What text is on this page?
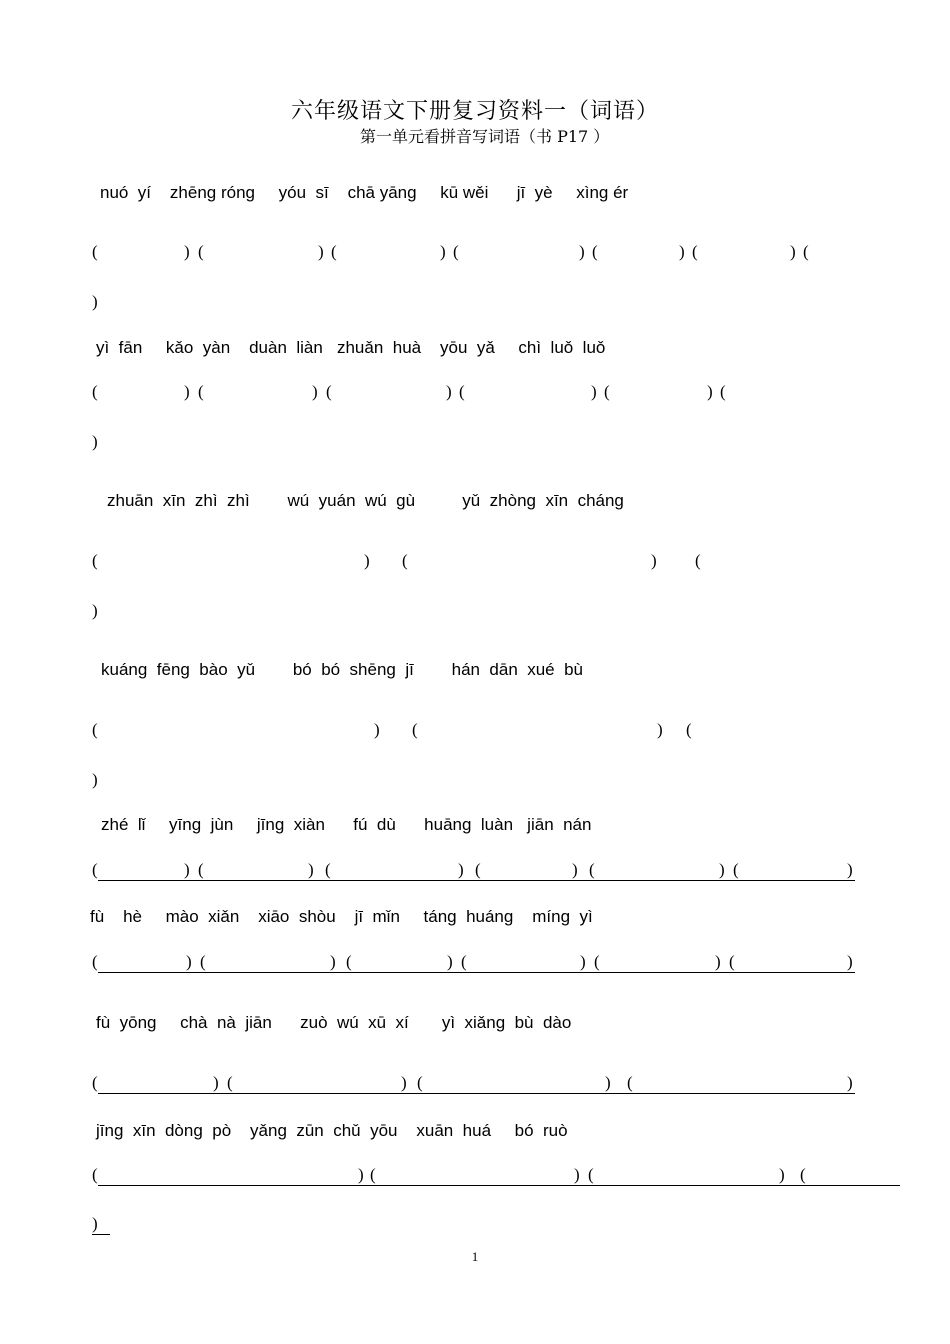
六年级语文下册复习资料一（词语）
第一单元看拼音写词语（书 P17 ）
nuó  yí    zhēnɡ rónɡ     yóu  sī    chā yānɡ     kū wěi      jī  yè     xìnɡ ér
(	) (	) (	) (	) (	) (	) (
)
yì  fān     kǎo  yàn    duàn  liàn   zhuǎn  huà    yōu  yǎ     chì  luǒ  luǒ
(	) (	) (	) (	) (	) (
)
zhuān  xīn  zhì  zhì        wú  yuán  wú  ɡù          yǔ  zhònɡ  xīn  chánɡ
(	) (	) (
)
kuánɡ  fēnɡ  bào  yǔ        bó  bó  shēnɡ  jī        hán  dān  xué  bù
(	) (	) (
)
zhé  lǐ     yīnɡ  jùn     jīnɡ  xiàn      fú  dù      huānɡ  luàn   jiān  nán
(	) (	) (	) (	) (	) (	)
fù    hè     mào  xiǎn    xiāo  shòu    jī  mǐn     tánɡ  huánɡ    mínɡ  yì
(	) (	) (	) (	) (	) (	)
fù  yōnɡ     chà  nà  jiān      zuò  wú  xū  xí       yì  xiǎnɡ  bù  dào
(	) (	) (	) (	)
jīnɡ  xīn  dònɡ  pò    yǎnɡ  zūn  chǔ  yōu    xuān  huá     bó  ruò
(	) (	) (	) (
)
1
